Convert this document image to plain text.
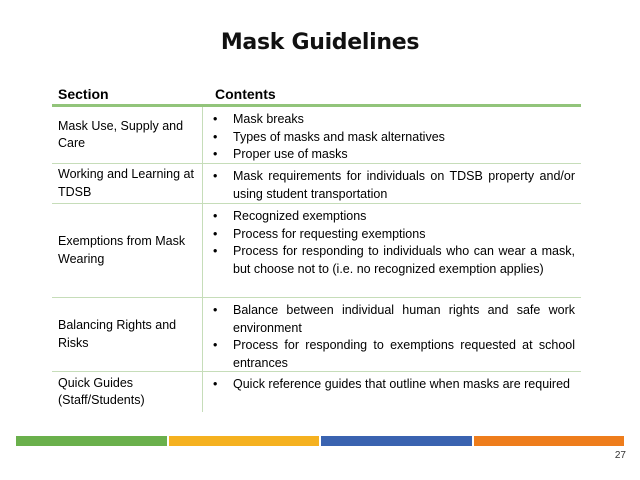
Mask Guidelines
Section	Contents
Mask Use, Supply and Care
•	Mask breaks
•	Types of masks and mask alternatives
•	Proper use of masks
Working and Learning at TDSB
•	Mask requirements for individuals on TDSB property and/or using student transportation
Exemptions from Mask Wearing
•	Recognized exemptions
•	Process for requesting exemptions
•	Process for responding to individuals who can wear a mask, but choose not to (i.e. no recognized exemption applies)
Balancing Rights and Risks
•	Balance between individual human rights and safe work environment
•	Process for responding to exemptions requested at school entrances
Quick Guides (Staff/Students)
•	Quick reference guides that outline when masks are required
27
